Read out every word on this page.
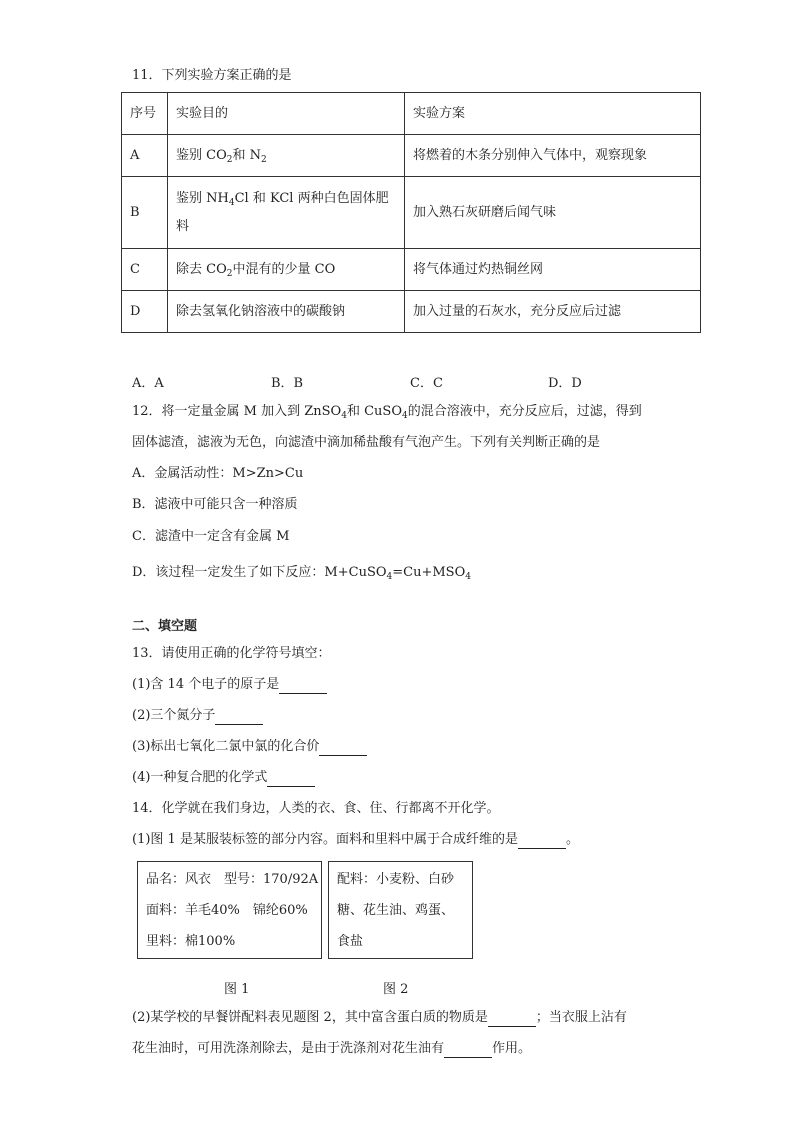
11．下列实验方案正确的是
序号	实验目的	实验方案
A	鉴别 $CO_2$和 $N_2$	将燃着的木条分别伸入气体中，观察现象
B	鉴别 $NH_4Cl$ 和 KCl 两种白色固体肥料	加入熟石灰研磨后闻气味
C	除去 $CO_2$中混有的少量 CO	将气体通过灼热铜丝网
D	除去氢氧化钠溶液中的碳酸钠	加入过量的石灰水，充分反应后过滤
A．A	B．B	C．C	D．D
12．将一定量金属 M 加入到 ZnSO$_4$和 CuSO$_4$的混合溶液中，充分反应后，过滤，得到
固体滤渣，滤液为无色，向滤渣中滴加稀盐酸有气泡产生。下列有关判断正确的是
A．金属活动性：M>Zn>Cu
B．滤液中可能只含一种溶质
C．滤渣中一定含有金属 M
D．该过程一定发生了如下反应：$M+CuSO_4=Cu+MSO_4$
二、填空题
13．请使用正确的化学符号填空：
(1)含 14 个电子的原子是
(2)三个氮分子
(3)标出七氧化二氯中氯的化合价
(4)一种复合肥的化学式
14．化学就在我们身边，人类的衣、食、住、行都离不开化学。
(1)图 1 是某服装标签的部分内容。面料和里料中属于合成纤维的是	。
品名：风衣　型号：170/92A
面料：羊毛40%　锦纶60%
里料：棉100%
配料：小麦粉、白砂
糖、花生油、鸡蛋、
食盐
图 1	图 2
(2)某学校的早餐饼配料表见题图 2，其中富含蛋白质的物质是	；当衣服上沾有
花生油时，可用洗涤剂除去，是由于洗涤剂对花生油有	作用。
